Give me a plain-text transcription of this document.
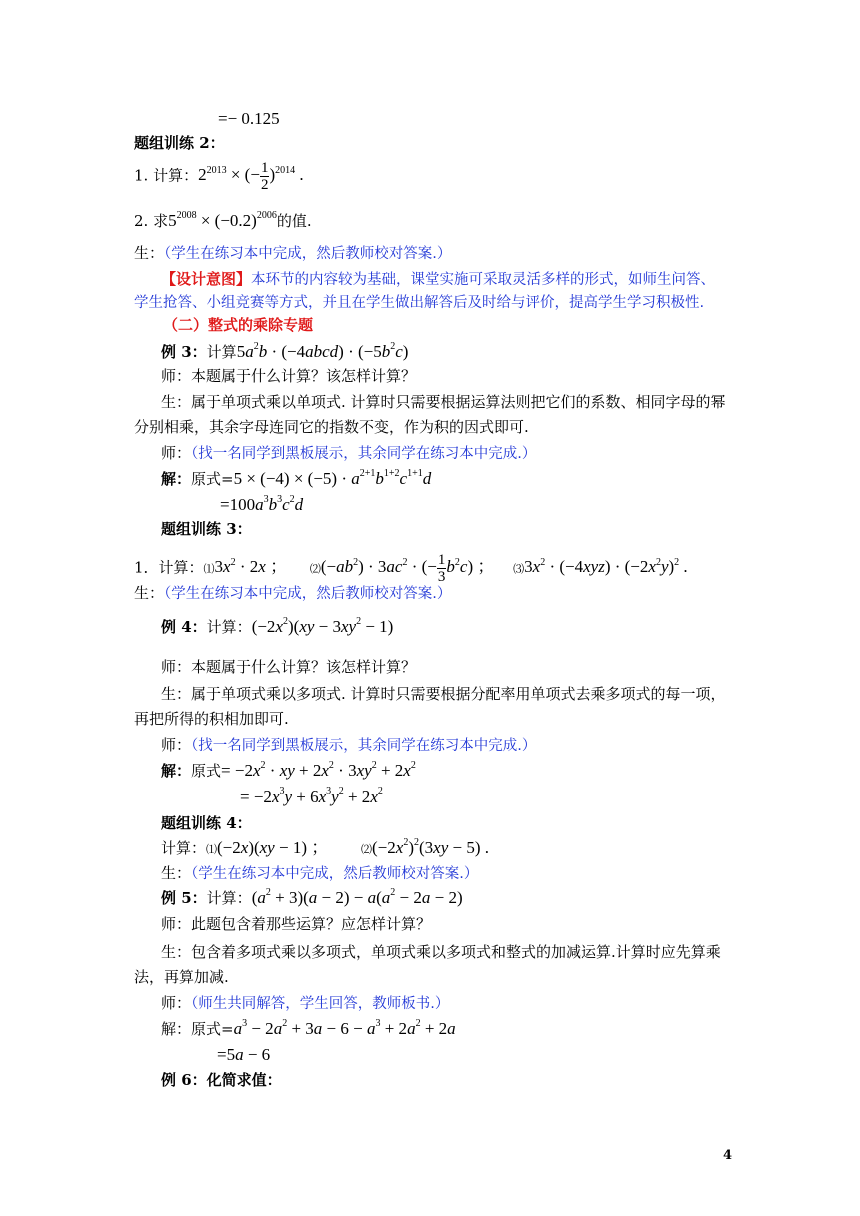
=− 0.125
题组训练 2：
1. 计算：$2^{2013}$ × (− $\frac{1}{2} )^{2014}$ .
2. 求$5^{2008} \times (-0.2)^{2006}$的值.
生：（学生在练习本中完成，然后教师校对答案.）
【设计意图】本环节的内容较为基础，课堂实施可采取灵活多样的形式，如师生问答、
学生抢答、小组竞赛等方式，并且在学生做出解答后及时给与评价，提高学生学习积极性.
（二）整式的乘除专题
例 3：计算$5a^2b$ · (−4abcd) · $(-5b^2c)$
师：本题属于什么计算？该怎样计算？
生：属于单项式乘以单项式. 计算时只需要根据运算法则把它们的系数、相同字母的幂
分别相乘，其余字母连同它的指数不变，作为积的因式即可.
师：（找一名同学到黑板展示，其余同学在练习本中完成.）
解：原式$=5 \times (-4) \times (-5) \cdot a^{2+1}b^{1+2}c^{1+1}d$
$=100a^3b^3c^2d$
题组训练 3：
1．计算：$⑴3x^2 \cdot 2x$ ； $⑵(-ab^2) \cdot 3ac^2$ · (− $\frac{1}{3} b^2c$) ； $⑶3x^2 \cdot (-4xyz) \cdot (-2x^2y)^2$ .
生：（学生在练习本中完成，然后教师校对答案.）
例 4：计算：$(-2x^2)(xy - 3xy^2 - 1)$
师：本题属于什么计算？该怎样计算？
生：属于单项式乘以多项式. 计算时只需要根据分配率用单项式去乘多项式的每一项，
再把所得的积相加即可.
师：（找一名同学到黑板展示，其余同学在练习本中完成.）
解：原式= $-2x^2$ · xy + $2x^2 \cdot 3xy^2 + 2x^2$
= $-2x^3y + 6x^3y^2 + 2x^2$
题组训练 4：
计算：⑴(−2x)(xy − 1) ；	$⑵(-2x^2)^2(3xy - 5)$ .
生：（学生在练习本中完成，然后教师校对答案.）
例 5：计算：$(a^2 + 3)(a - 2) - a(a^2 - 2a - 2)$
师：此题包含着那些运算？应怎样计算？
生：包含着多项式乘以多项式，单项式乘以多项式和整式的加减运算.计算时应先算乘
法，再算加减.
师：（师生共同解答，学生回答，教师板书.）
解：原式$=a^3 - 2a^2 + 3a - 6 - a^3 + 2a^2 + 2a$
=5a − 6
例 6：化简求值：
4
